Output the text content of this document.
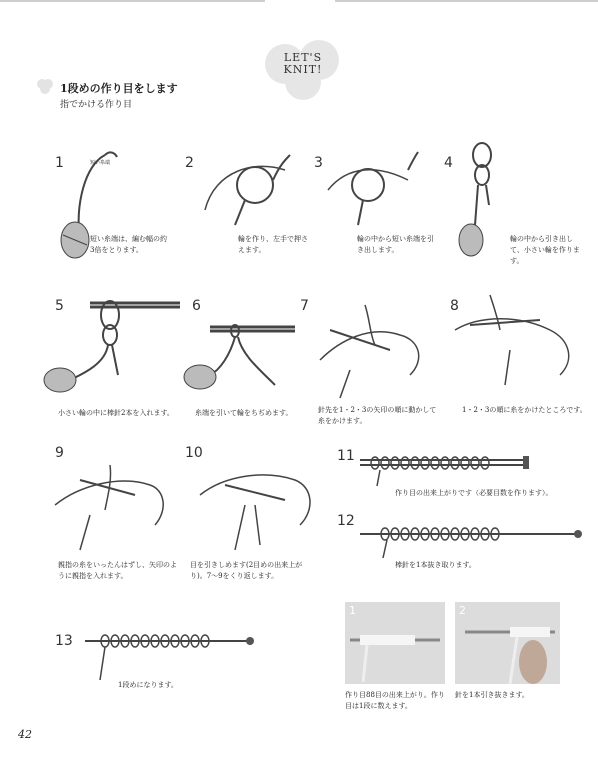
LET'S
KNIT!
1段めの作り目をします
指でかける作り目
1	短い糸端
短い糸端は、編む幅の約3倍をとります。
2
輪を作り、左手で押さえます。
3
輪の中から短い糸端を引き出します。
4
輪の中から引き出して、小さい輪を作ります。
5
小さい輪の中に棒針2本を入れます。
6
糸端を引いて輪をちぢめます。
7
針先を1・2・3の矢印の順に動かして糸をかけます。
8
1・2・3の順に糸をかけたところです。
9
親指の糸をいったんはずし、矢印のように親指を入れます。
10
目を引きしめます(2目めの出来上がり)。7～9をくり返します。
11
作り目の出来上がりです（必要目数を作ります）。
12
棒針を1本抜き取ります。
13
1段めになります。
1	2
作り目88目の出来上がり。作り目は1段に数えます。
針を1本引き抜きます。
42
